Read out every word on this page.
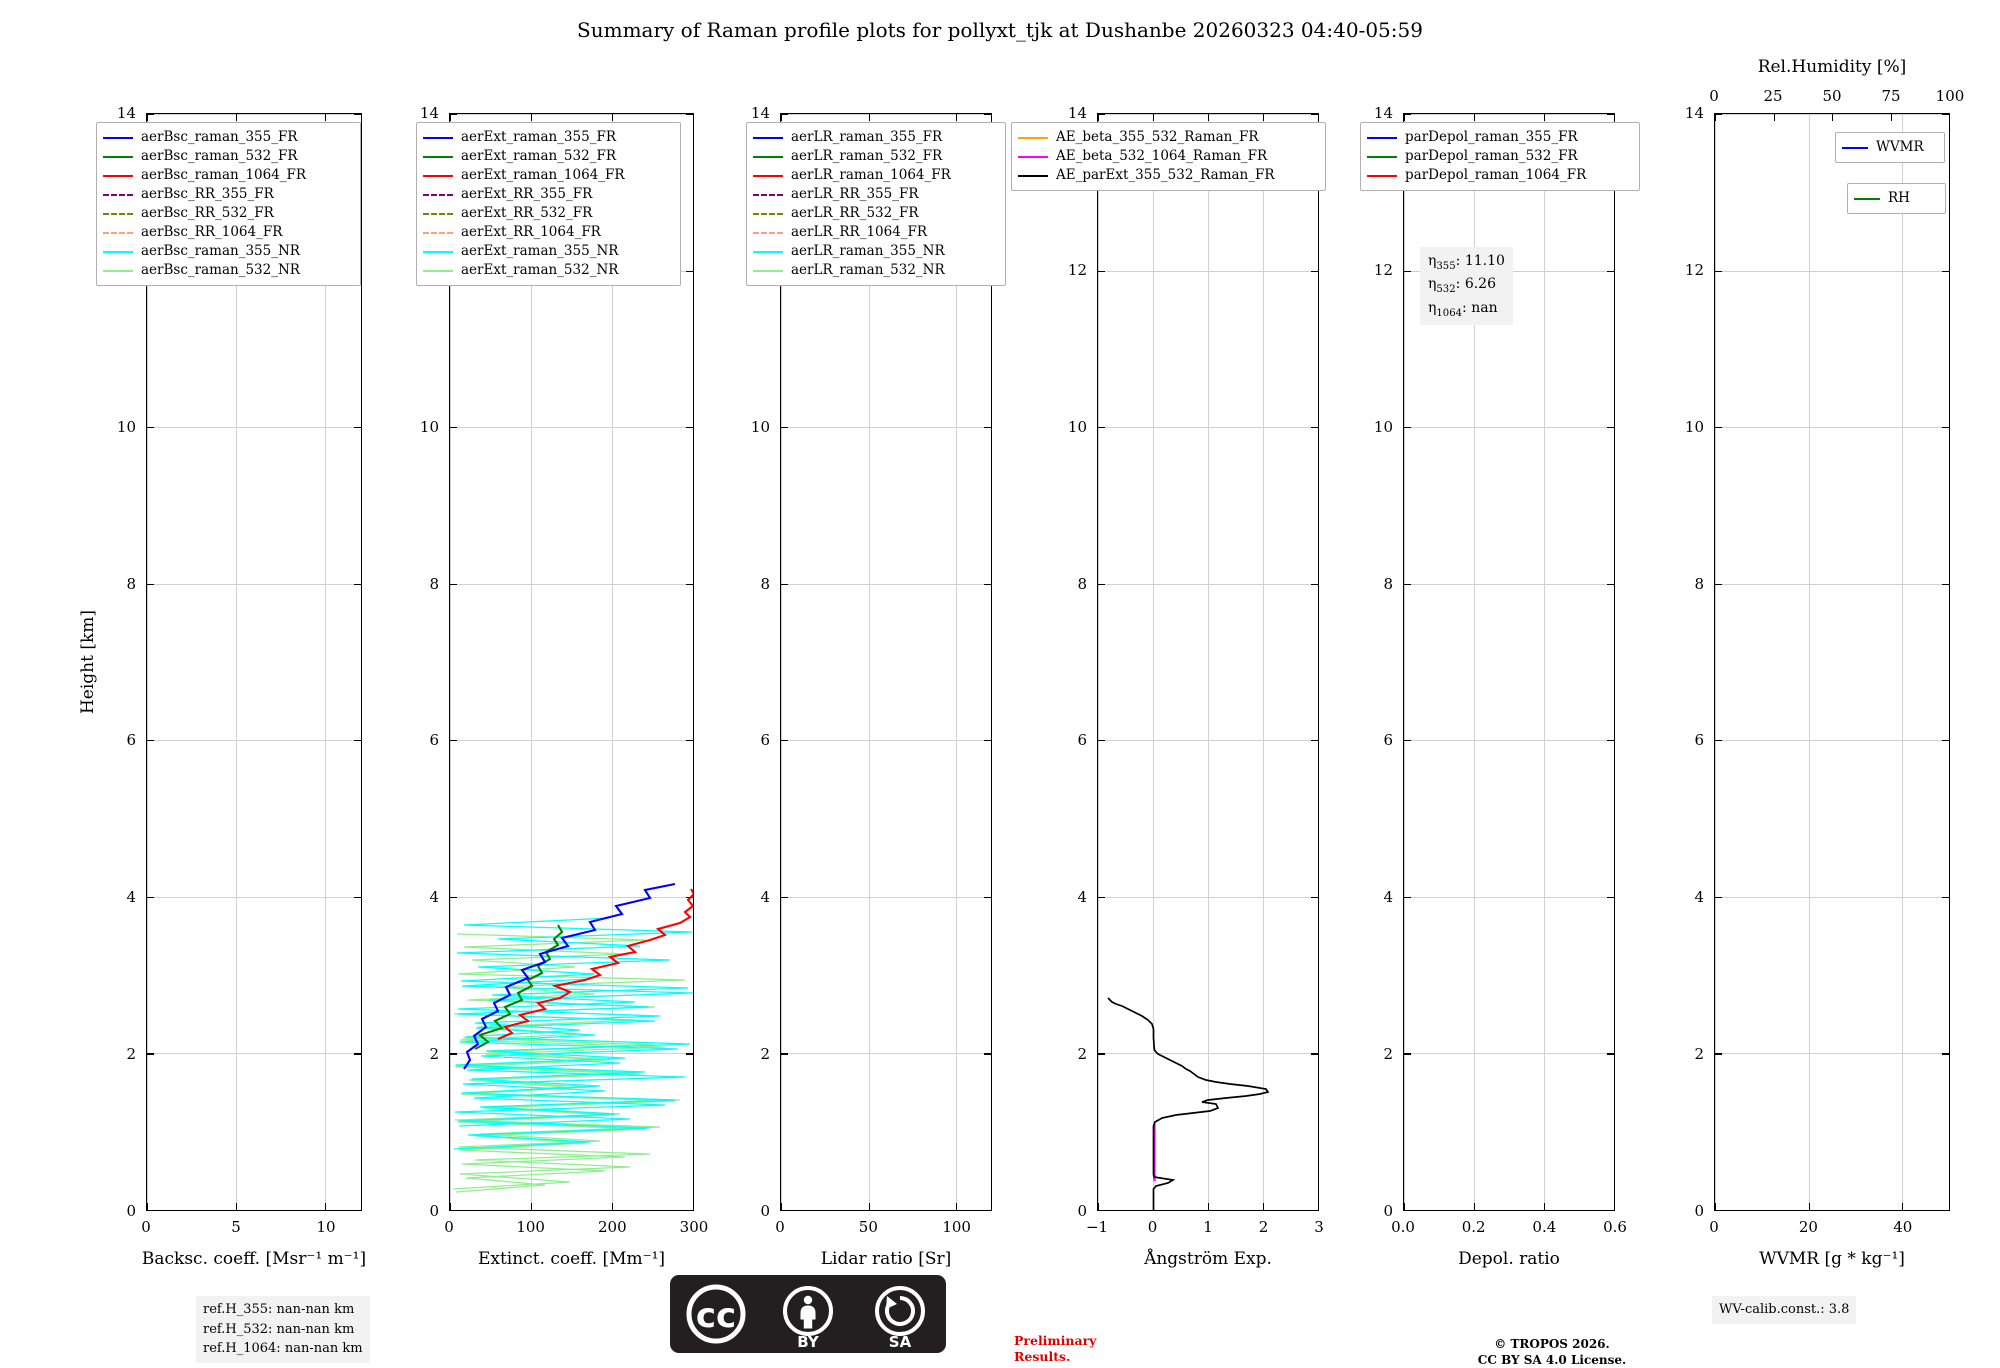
Summary of Raman profile plots for pollyxt_tjk at Dushanbe 20260323 04:40-05:59
14
10
8
6
4
2
0
0	5	10
Backsc. coeff. [Msr⁻¹ m⁻¹]
Height [km]
14
10
8
6
4
2
0
0	100	200	300
Extinct. coeff. [Mm⁻¹]
14
10
8
6
4
2
0
0	50	100
Lidar ratio [Sr]
14
12
10
8
6
4
2
0
−1	0	1	2	3
Ångström Exp.
$\eta_{355}$: 11.10
$\eta_{532}$: 6.26
$\eta_{1064}$: nan
14
12
10
8
6
4
2
0
0.0	0.2	0.4	0.6
Depol. ratio
0	25	50	75 100
Rel.Humidity [%]
14
12
10
8
6
4
2
0
0	20	40
WVMR [g * kg⁻¹]
aerBsc_raman_355_FR
aerBsc_raman_532_FR
aerBsc_raman_1064_FR
aerBsc_RR_355_FR
aerBsc_RR_532_FR
aerBsc_RR_1064_FR
aerBsc_raman_355_NR
aerBsc_raman_532_NR
aerExt_raman_355_FR
aerExt_raman_532_FR
aerExt_raman_1064_FR
aerExt_RR_355_FR
aerExt_RR_532_FR
aerExt_RR_1064_FR
aerExt_raman_355_NR
aerExt_raman_532_NR
aerLR_raman_355_FR
aerLR_raman_532_FR
aerLR_raman_1064_FR
aerLR_RR_355_FR
aerLR_RR_532_FR
aerLR_RR_1064_FR
aerLR_raman_355_NR
aerLR_raman_532_NR
AE_beta_355_532_Raman_FR
AE_beta_532_1064_Raman_FR
AE_parExt_355_532_Raman_FR
parDepol_raman_355_FR
parDepol_raman_532_FR
parDepol_raman_1064_FR
WVMR
RH
ref.H_355: nan-nan km
ref.H_532: nan-nan km
ref.H_1064: nan-nan km
WV-calib.const.: 3.8
Preliminary
Results.
© TROPOS 2026.
CC BY SA 4.0 License.
cc
BY	SA
